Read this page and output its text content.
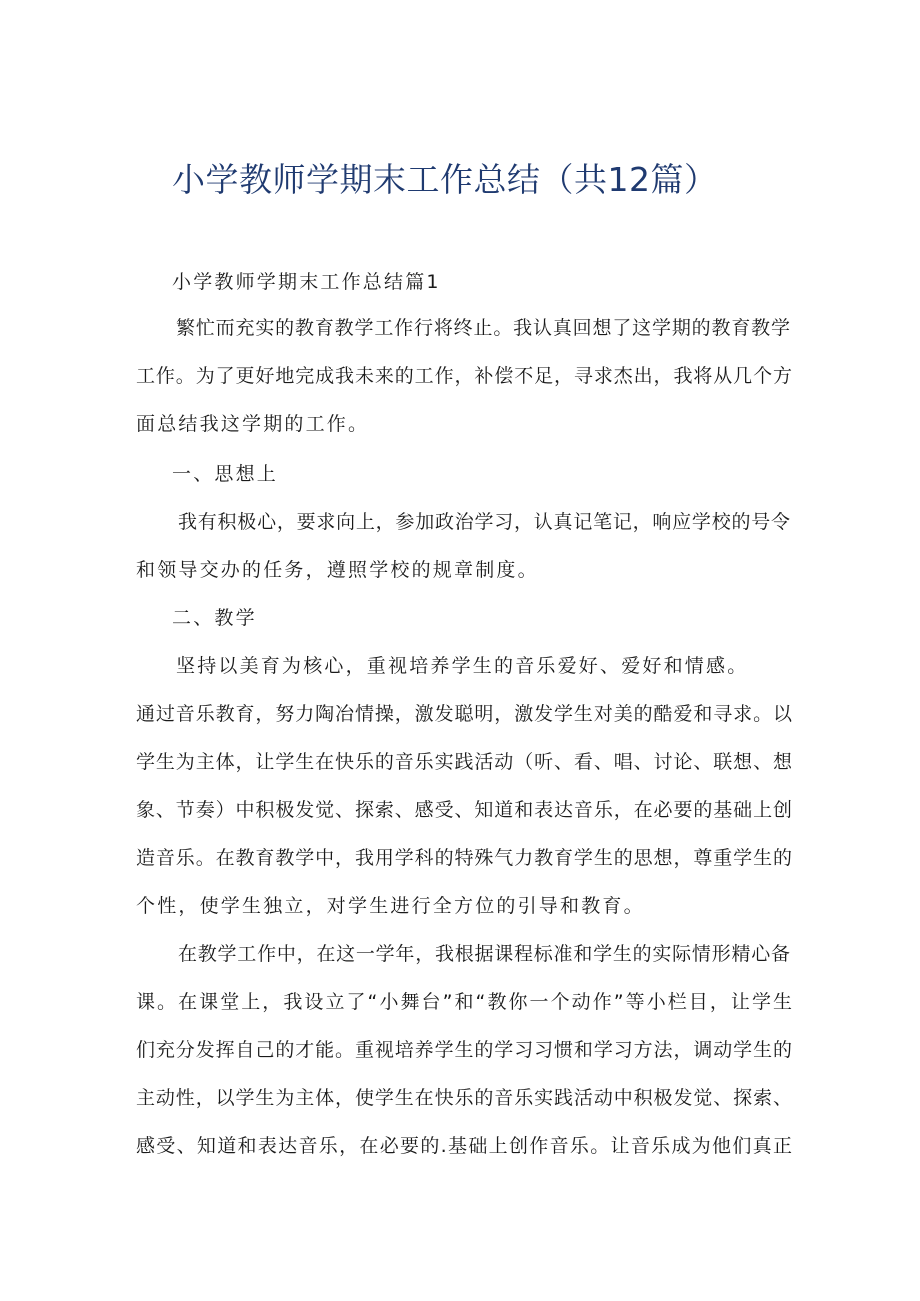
小学教师学期末工作总结（共12篇）
小学教师学期末工作总结篇1
繁忙而充实的教育教学工作行将终止。我认真回想了这学期的教育教学
工作。为了更好地完成我未来的工作，补偿不足，寻求杰出，我将从几个方
面总结我这学期的工作。
一、思想上
我有积极心，要求向上，参加政治学习，认真记笔记，响应学校的号令
和领导交办的任务，遵照学校的规章制度。
二、教学
坚持以美育为核心，重视培养学生的音乐爱好、爱好和情感。
通过音乐教育，努力陶冶情操，激发聪明，激发学生对美的酷爱和寻求。以
学生为主体，让学生在快乐的音乐实践活动（听、看、唱、讨论、联想、想
象、节奏）中积极发觉、探索、感受、知道和表达音乐，在必要的基础上创
造音乐。在教育教学中，我用学科的特殊气力教育学生的思想，尊重学生的
个性，使学生独立，对学生进行全方位的引导和教育。
在教学工作中，在这一学年，我根据课程标准和学生的实际情形精心备
课。在课堂上，我设立了“小舞台”和“教你一个动作”等小栏目，让学生
们充分发挥自己的才能。重视培养学生的学习习惯和学习方法，调动学生的
主动性，以学生为主体，使学生在快乐的音乐实践活动中积极发觉、探索、
感受、知道和表达音乐，在必要的.基础上创作音乐。让音乐成为他们真正
